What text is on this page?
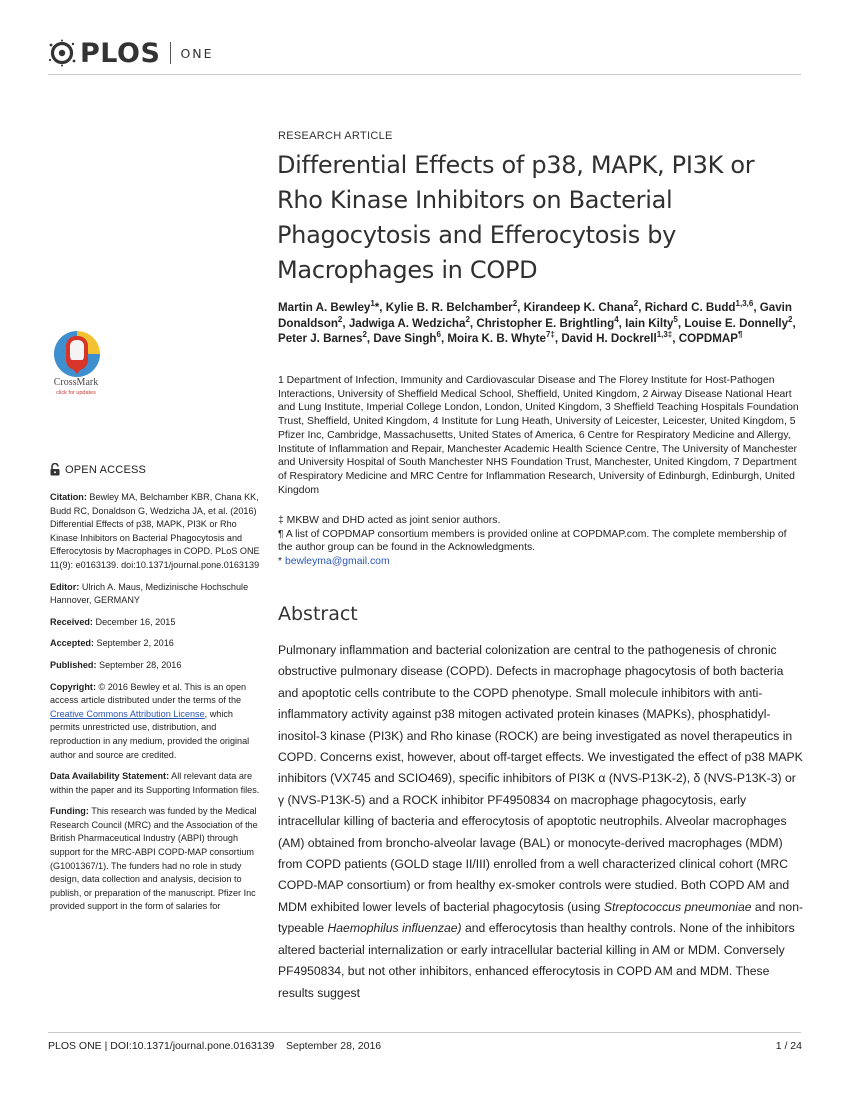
PLOS ONE
CrossMark
click for updates
OPEN ACCESS

Citation: Bewley MA, Belchamber KBR, Chana KK, Budd RC, Donaldson G, Wedzicha JA, et al. (2016) Differential Effects of p38, MAPK, PI3K or Rho Kinase Inhibitors on Bacterial Phagocytosis and Efferocytosis by Macrophages in COPD. PLoS ONE 11(9): e0163139. doi:10.1371/journal.pone.0163139

Editor: Ulrich A. Maus, Medizinische Hochschule Hannover, GERMANY

Received: December 16, 2015

Accepted: September 2, 2016

Published: September 28, 2016

Copyright: © 2016 Bewley et al. This is an open access article distributed under the terms of the Creative Commons Attribution License, which permits unrestricted use, distribution, and reproduction in any medium, provided the original author and source are credited.

Data Availability Statement: All relevant data are within the paper and its Supporting Information files.

Funding: This research was funded by the Medical Research Council (MRC) and the Association of the British Pharmaceutical Industry (ABPI) through support for the MRC-ABPI COPD-MAP consortium (G1001367/1). The funders had no role in study design, data collection and analysis, decision to publish, or preparation of the manuscript. Pfizer Inc provided support in the form of salaries for

RESEARCH ARTICLE
Differential Effects of p38, MAPK, PI3K or Rho Kinase Inhibitors on Bacterial Phagocytosis and Efferocytosis by Macrophages in COPD
Martin A. Bewley$^1$*, Kylie B. R. Belchamber$^2$, Kirandeep K. Chana$^2$, Richard C. Budd$^{1,3,6}$, Gavin Donaldson$^2$, Jadwiga A. Wedzicha$^2$, Christopher E. Brightling$^4$, Iain Kilty$^5$, Louise E. Donnelly$^2$, Peter J. Barnes$^2$, Dave Singh$^6$, Moira K. B. Whyte$^{7\ddagger}$, David H. Dockrell$^{1,3\ddagger}$, COPDMAP¶
1 Department of Infection, Immunity and Cardiovascular Disease and The Florey Institute for Host-Pathogen Interactions, University of Sheffield Medical School, Sheffield, United Kingdom, 2 Airway Disease National Heart and Lung Institute, Imperial College London, London, United Kingdom, 3 Sheffield Teaching Hospitals Foundation Trust, Sheffield, United Kingdom, 4 Institute for Lung Heath, University of Leicester, Leicester, United Kingdom, 5 Pfizer Inc, Cambridge, Massachusetts, United States of America, 6 Centre for Respiratory Medicine and Allergy, Institute of Inflammation and Repair, Manchester Academic Health Science Centre, The University of Manchester and University Hospital of South Manchester NHS Foundation Trust, Manchester, United Kingdom, 7 Department of Respiratory Medicine and MRC Centre for Inflammation Research, University of Edinburgh, Edinburgh, United Kingdom
‡ MKBW and DHD acted as joint senior authors.
¶ A list of COPDMAP consortium members is provided online at COPDMAP.com. The complete membership of the author group can be found in the Acknowledgments.
* bewleyma@gmail.com
Abstract
Pulmonary inflammation and bacterial colonization are central to the pathogenesis of chronic obstructive pulmonary disease (COPD). Defects in macrophage phagocytosis of both bacteria and apoptotic cells contribute to the COPD phenotype. Small molecule inhibitors with anti-inflammatory activity against p38 mitogen activated protein kinases (MAPKs), phosphatidyl-inositol-3 kinase (PI3K) and Rho kinase (ROCK) are being investigated as novel therapeutics in COPD. Concerns exist, however, about off-target effects. We investigated the effect of p38 MAPK inhibitors (VX745 and SCIO469), specific inhibitors of PI3K α (NVS-P13K-2), δ (NVS-P13K-3) or γ (NVS-P13K-5) and a ROCK inhibitor PF4950834 on macrophage phagocytosis, early intracellular killing of bacteria and efferocytosis of apoptotic neutrophils. Alveolar macrophages (AM) obtained from broncho-alveolar lavage (BAL) or monocyte-derived macrophages (MDM) from COPD patients (GOLD stage II/III) enrolled from a well characterized clinical cohort (MRC COPD-MAP consortium) or from healthy ex-smoker controls were studied. Both COPD AM and MDM exhibited lower levels of bacterial phagocytosis (using Streptococcus pneumoniae and non-typeable Haemophilus influenzae) and efferocytosis than healthy controls. None of the inhibitors altered bacterial internalization or early intracellular bacterial killing in AM or MDM. Conversely PF4950834, but not other inhibitors, enhanced efferocytosis in COPD AM and MDM. These results suggest
PLOS ONE | DOI:10.1371/journal.pone.0163139 September 28, 2016	1 / 24
